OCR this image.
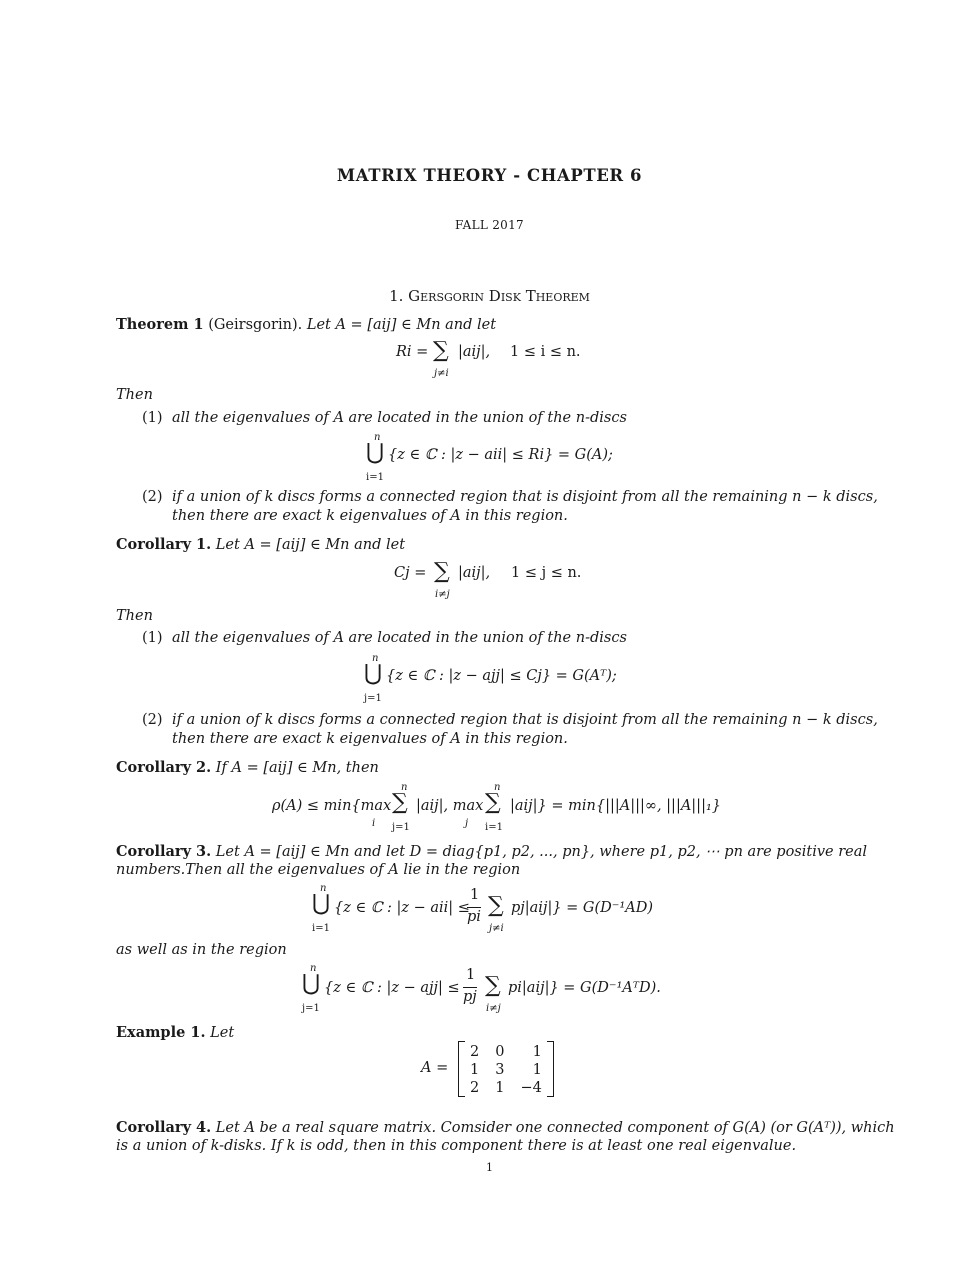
MATRIX THEORY - CHAPTER 6
FALL 2017
1. Gersgorin Disk Theorem
Theorem 1 (Geirsgorin). Let A = [aij] ∈ Mn and let
Ri = ∑
j≠i
|aij|, 1 ≤ i ≤ n.
Then
(1) all the eigenvalues of A are located in the union of the n-discs
n
⋃
i=1
{z ∈ ℂ : |z − aii| ≤ Ri} = G(A);
(2) if a union of k discs forms a connected region that is disjoint from all the remaining n − k discs,
then there are exact k eigenvalues of A in this region.
Corollary 1. Let A = [aij] ∈ Mn and let
Cj = ∑
i≠j
|aij|, 1 ≤ j ≤ n.
Then
(1) all the eigenvalues of A are located in the union of the n-discs
n
⋃
j=1
{z ∈ ℂ : |z − ajj| ≤ Cj} = G(Aᵀ);
(2) if a union of k discs forms a connected region that is disjoint from all the remaining n − k discs,
then there are exact k eigenvalues of A in this region.
Corollary 2. If A = [aij] ∈ Mn, then
ρ(A) ≤ min{max
i
n
∑
j=1
|aij|, max
j
n
∑
i=1
|aij|} = min{|||A|||∞, |||A|||₁}
Corollary 3. Let A = [aij] ∈ Mn and let D = diag{p1, p2, ..., pn}, where p1, p2, ⋯ pn are positive real
numbers.Then all the eigenvalues of A lie in the region
n
⋃
i=1
{z ∈ ℂ : |z − aii| ≤
1
pi ∑
j≠i
pj|aij|} = G(D⁻¹AD)
as well as in the region
n
⋃
j=1
{z ∈ ℂ : |z − ajj| ≤
1
pj ∑
i≠j
pi|aij|} = G(D⁻¹AᵀD).
Example 1. Let
A =
2	0	1
1	3	1
2	1	−4
Corollary 4. Let A be a real square matrix. Comsider one connected component of G(A) (or G(Aᵀ)), which
is a union of k-disks. If k is odd, then in this component there is at least one real eigenvalue.
1
